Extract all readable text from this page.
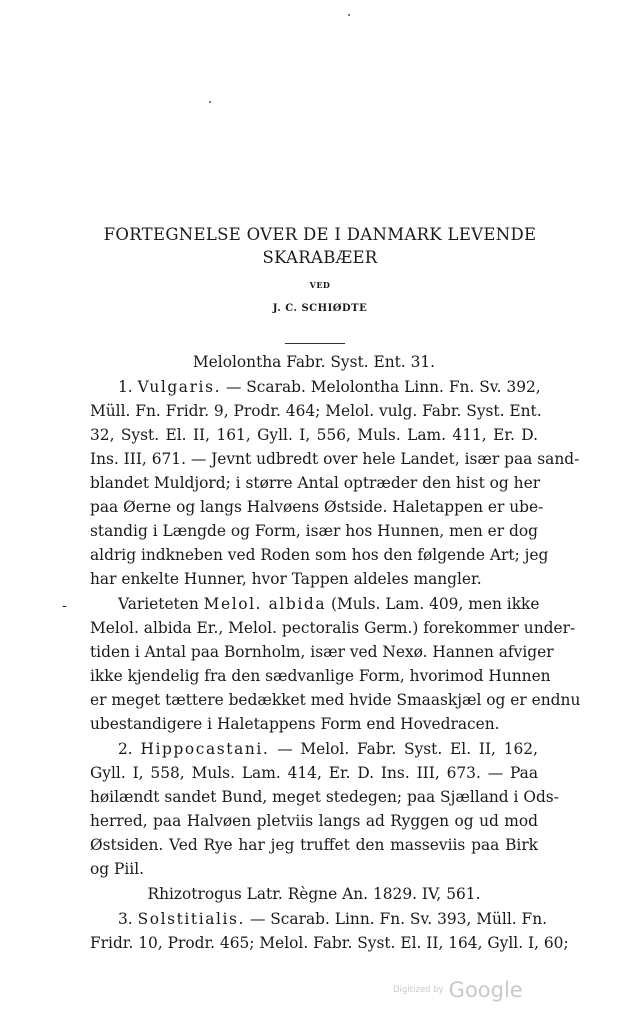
FORTEGNELSE OVER DE I DANMARK LEVENDE
SKARABÆER
VED
J. C. SCHIØDTE
Melolontha Fabr. Syst. Ent. 31.
1. Vulgaris. — Scarab. Melolontha Linn. Fn. Sv. 392,
Müll. Fn. Fridr. 9, Prodr. 464; Melol. vulg. Fabr. Syst. Ent.
32, Syst. El. II, 161, Gyll. I, 556, Muls. Lam. 411, Er. D.
Ins. III, 671. — Jevnt udbredt over hele Landet, især paa sand-
blandet Muldjord; i større Antal optræder den hist og her
paa Øerne og langs Halvøens Østside. Haletappen er ube-
standig i Længde og Form, især hos Hunnen, men er dog
aldrig indkneben ved Roden som hos den følgende Art; jeg
har enkelte Hunner, hvor Tappen aldeles mangler.
Varieteten Melol. albida (Muls. Lam. 409, men ikke
-
Melol. albida Er., Melol. pectoralis Germ.) forekommer under-
tiden i Antal paa Bornholm, især ved Nexø. Hannen afviger
ikke kjendelig fra den sædvanlige Form, hvorimod Hunnen
er meget tættere bedækket med hvide Smaaskjæl og er endnu
ubestandigere i Haletappens Form end Hovedracen.
2. Hippocastani. — Melol. Fabr. Syst. El. II, 162,
Gyll. I, 558, Muls. Lam. 414, Er. D. Ins. III, 673. — Paa
høilændt sandet Bund, meget stedegen; paa Sjælland i Ods-
herred, paa Halvøen pletviis langs ad Ryggen og ud mod
Østsiden. Ved Rye har jeg truffet den masseviis paa Birk
og Piil.
Rhizotrogus Latr. Règne An. 1829. IV, 561.
3. Solstitialis. — Scarab. Linn. Fn. Sv. 393, Müll. Fn.
Fridr. 10, Prodr. 465; Melol. Fabr. Syst. El. II, 164, Gyll. I, 60;
Digitized by Google
